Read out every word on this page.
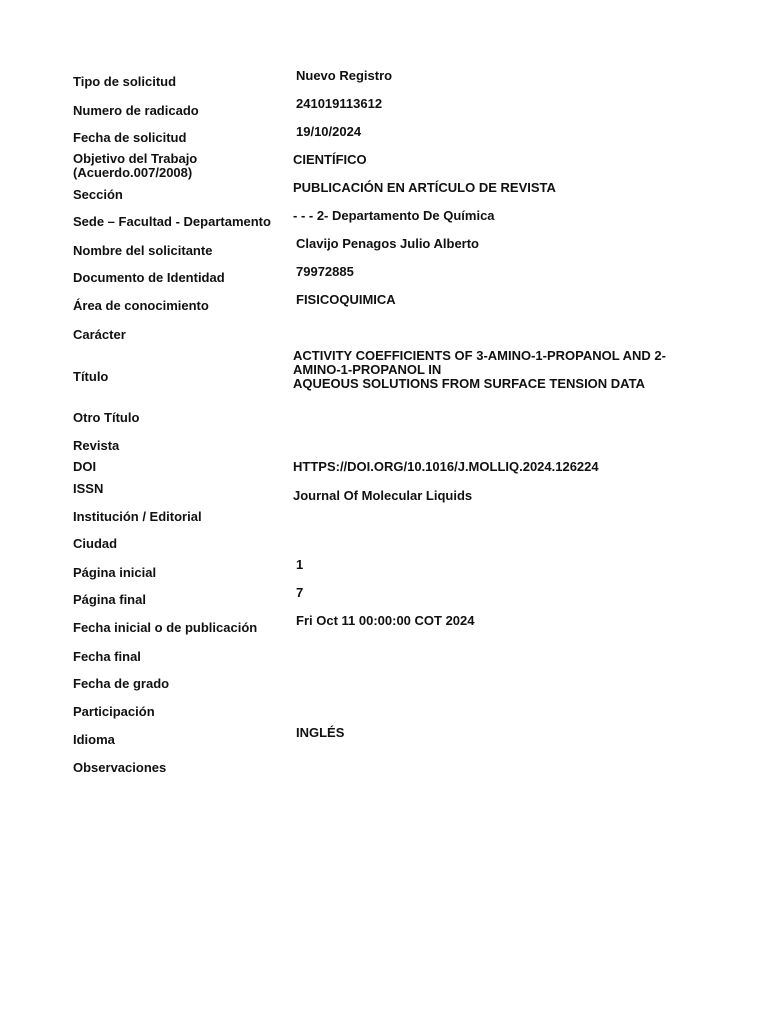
Tipo de solicitud
Numero de radicado
Fecha de solicitud
Objetivo del Trabajo
(Acuerdo.007/2008)
Sección
Sede – Facultad - Departamento
Nombre del solicitante
Documento de Identidad
Área de conocimiento
Carácter
Título
Otro Título
Revista
DOI
ISSN
Institución / Editorial
Ciudad
Página inicial
Página final
Fecha inicial o de publicación
Fecha final
Fecha de grado
Participación
Idioma
Observaciones
Nuevo Registro
241019113612
19/10/2024
CIENTÍFICO
PUBLICACIÓN EN ARTÍCULO DE REVISTA
- - - 2- Departamento De Química
Clavijo Penagos Julio Alberto
79972885
FISICOQUIMICA
ACTIVITY COEFFICIENTS OF 3-AMINO-1-PROPANOL AND 2-
AMINO-1-PROPANOL IN
AQUEOUS SOLUTIONS FROM SURFACE TENSION DATA
HTTPS://DOI.ORG/10.1016/J.MOLLIQ.2024.126224
Journal Of Molecular Liquids
1
7
Fri Oct 11 00:00:00 COT 2024
INGLÉS
